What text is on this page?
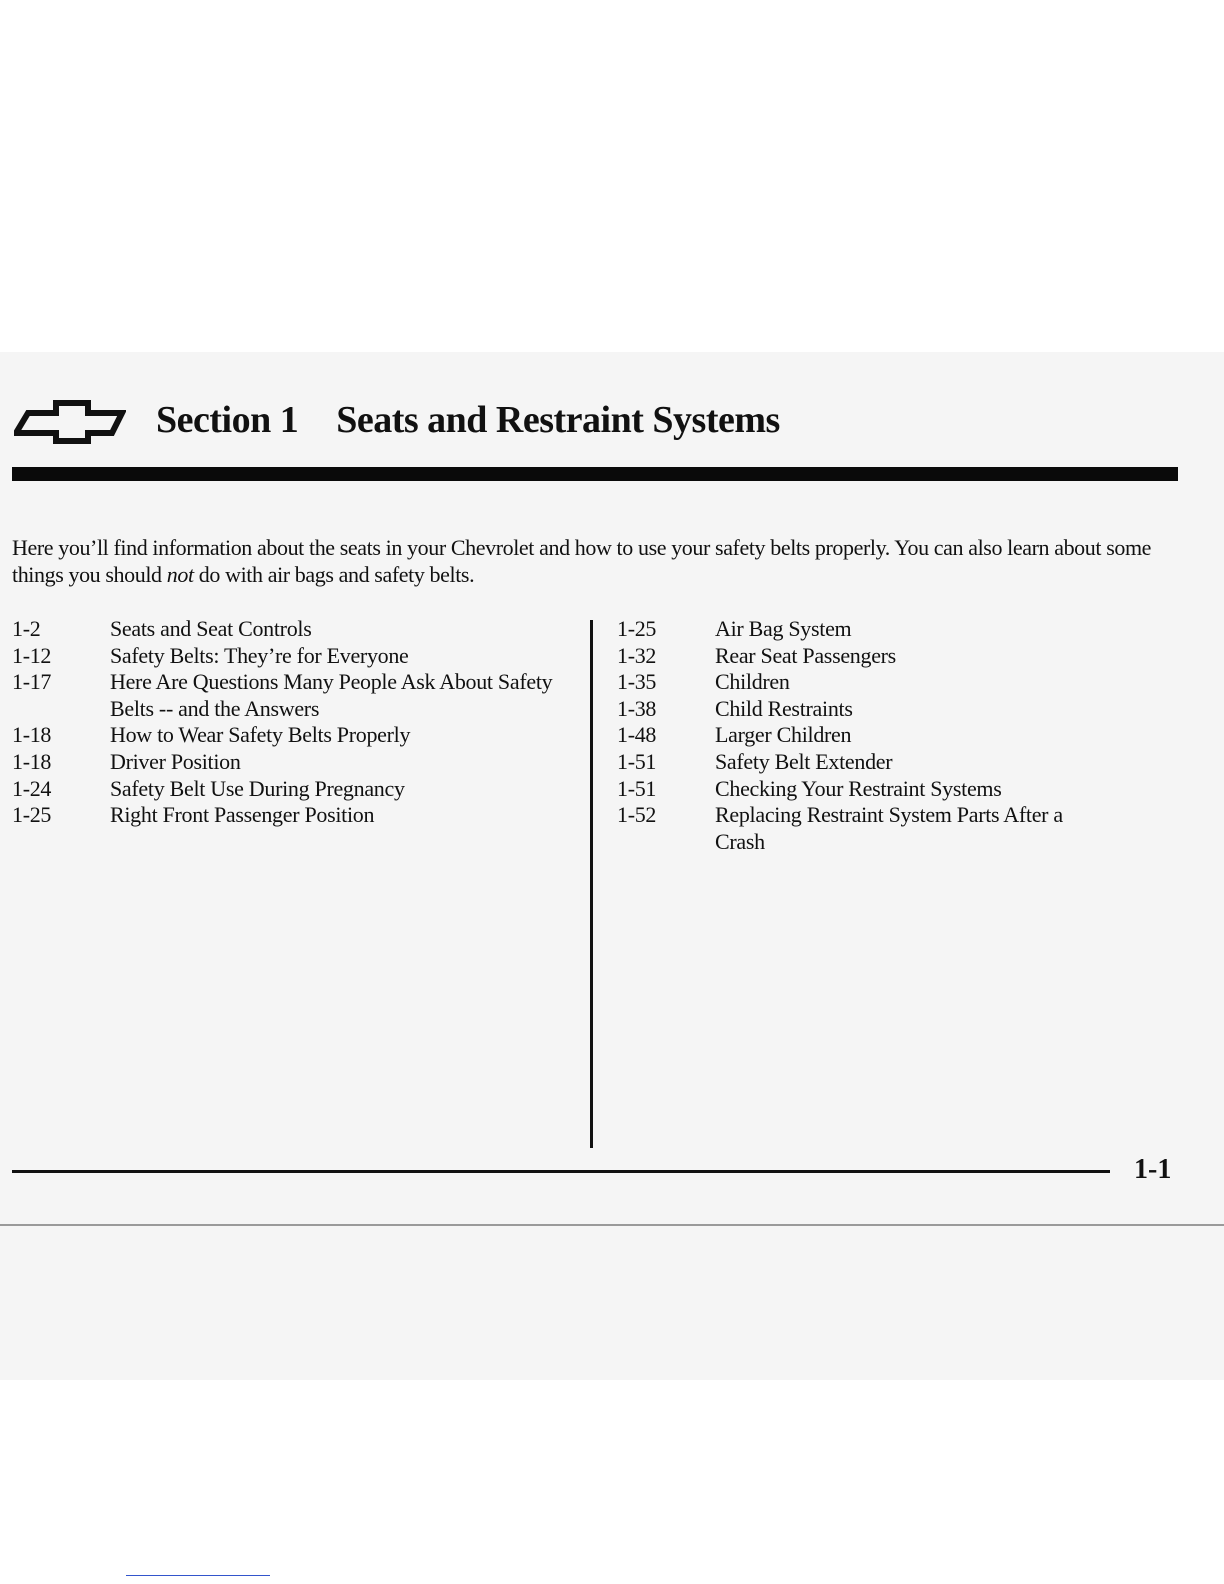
Section 1 Seats and Restraint Systems

Here you’ll find information about the seats in your Chevrolet and how to use your safety belts properly. You can also learn about some things you should not do with air bags and safety belts.

1-2	Seats and Seat Controls
1-12	Safety Belts: They’re for Everyone
1-17	Here Are Questions Many People Ask About Safety Belts -- and the Answers
1-18	How to Wear Safety Belts Properly
1-18	Driver Position
1-24	Safety Belt Use During Pregnancy
1-25	Right Front Passenger Position
1-25	Air Bag System
1-32	Rear Seat Passengers
1-35	Children
1-38	Child Restraints
1-48	Larger Children
1-51	Safety Belt Extender
1-51	Checking Your Restraint Systems
1-52	Replacing Restraint System Parts After a Crash
1-1
